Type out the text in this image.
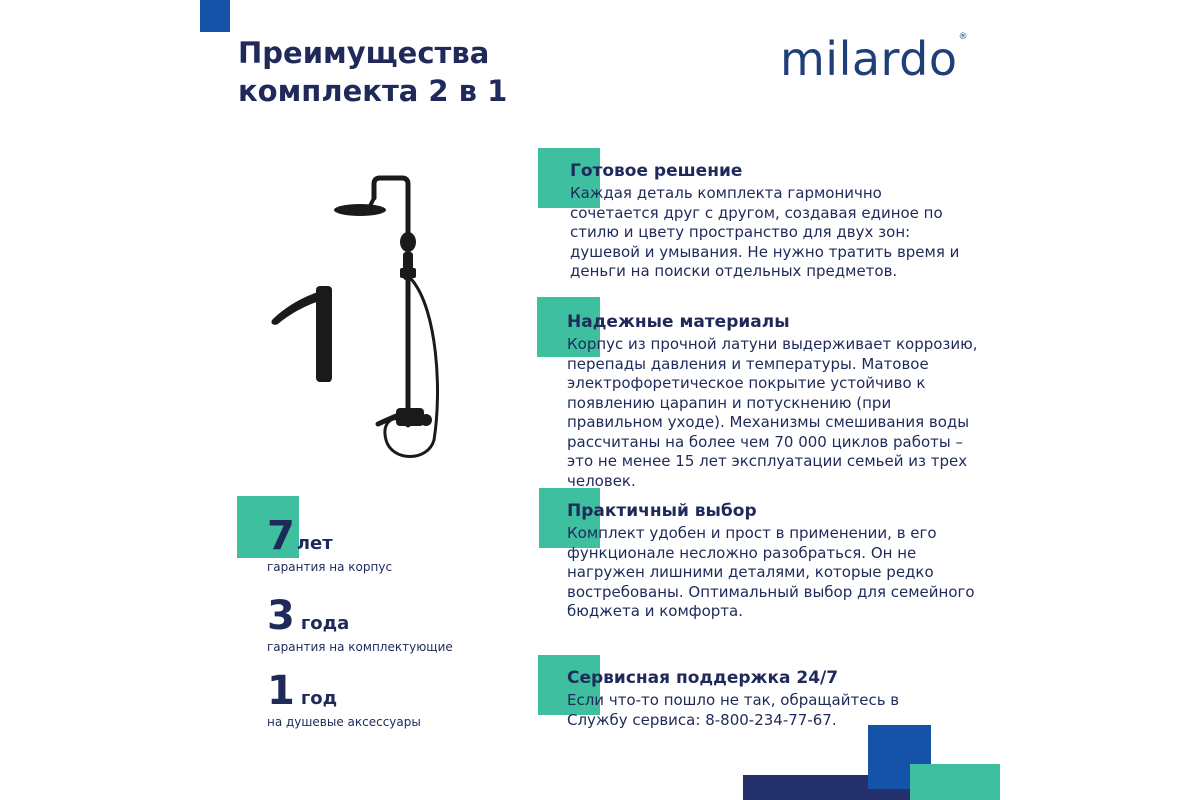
Преимущества
комплекта 2 в 1
milardo®
Готовое решение

Каждая деталь комплекта гармонично сочетается друг с другом, создавая единое по стилю и цвету пространство для двух зон: душевой и умывания. Не нужно тратить время и деньги на поиски отдельных предметов.

Надежные материалы

Корпус из прочной латуни выдерживает коррозию, перепады давления и температуры. Матовое электрофоретическое покрытие устойчиво к появлению царапин и потускнению (при правильном уходе). Механизмы смешивания воды рассчитаны на более чем 70 000 циклов работы – это не менее 15 лет эксплуатации семьей из трех человек.

Практичный выбор

Комплект удобен и прост в применении, в его функционале несложно разобраться. Он не нагружен лишними деталями, которые редко востребованы. Оптимальный выбор для семейного бюджета и комфорта.

Сервисная поддержка 24/7

Если что-то пошло не так, обращайтесь в Службу сервиса: 8-800-234-77-67.

7 лет
гарантия на корпус
3 года
гарантия на комплектующие
1 год
на душевые аксессуары
